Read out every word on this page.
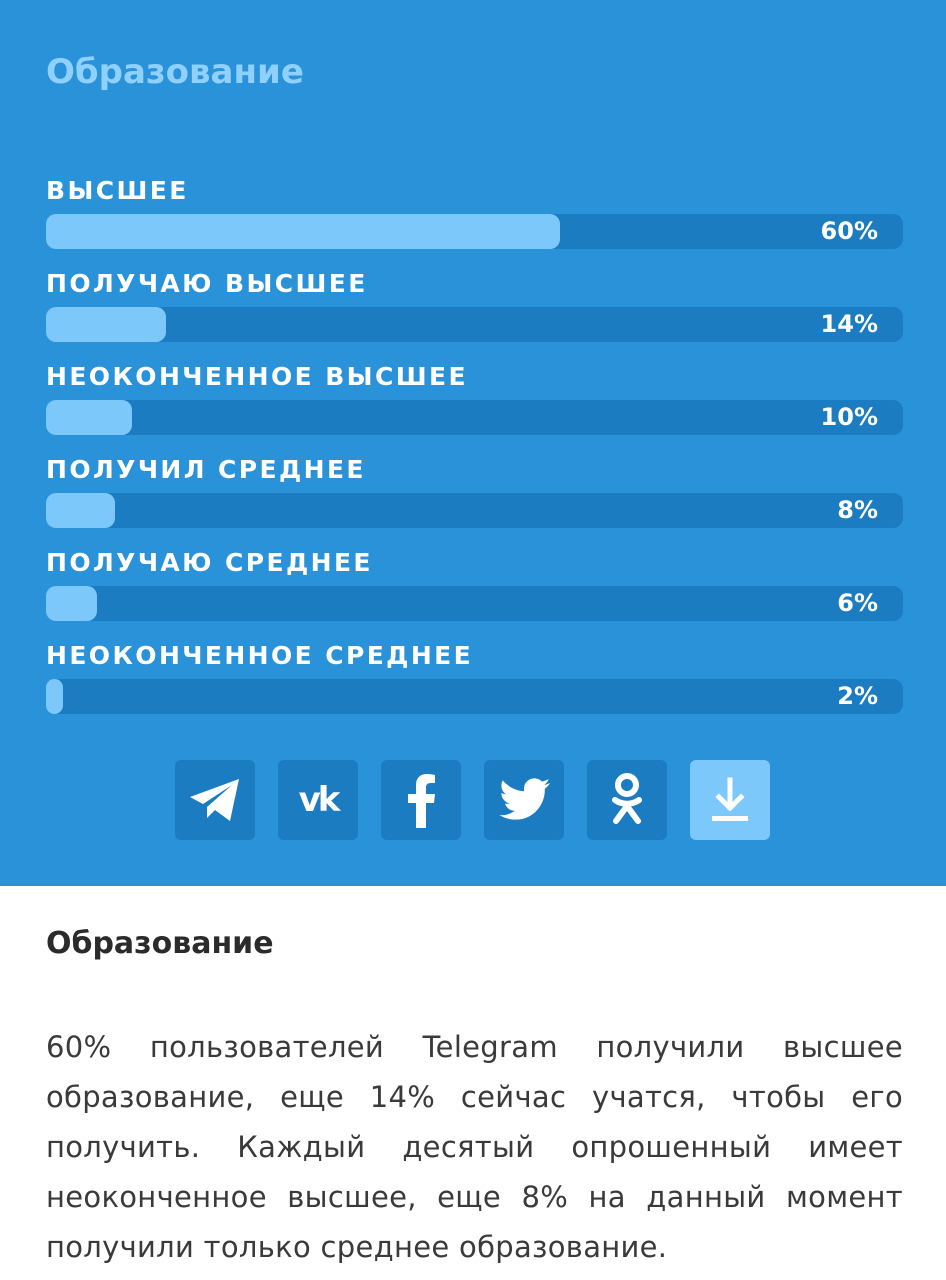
Образование
ВЫСШЕЕ
60%
ПОЛУЧАЮ ВЫСШЕЕ
14%
НЕОКОНЧЕННОЕ ВЫСШЕЕ
10%
ПОЛУЧИЛ СРЕДНЕЕ
8%
ПОЛУЧАЮ СРЕДНЕЕ
6%
НЕОКОНЧЕННОЕ СРЕДНЕЕ
2%
vk
Образование
60% пользователей Telegram получили высшее образование, еще 14% сейчас учатся, чтобы его получить. Каждый десятый опрошенный имеет неоконченное высшее, еще 8% на данный момент получили только среднее образование.
